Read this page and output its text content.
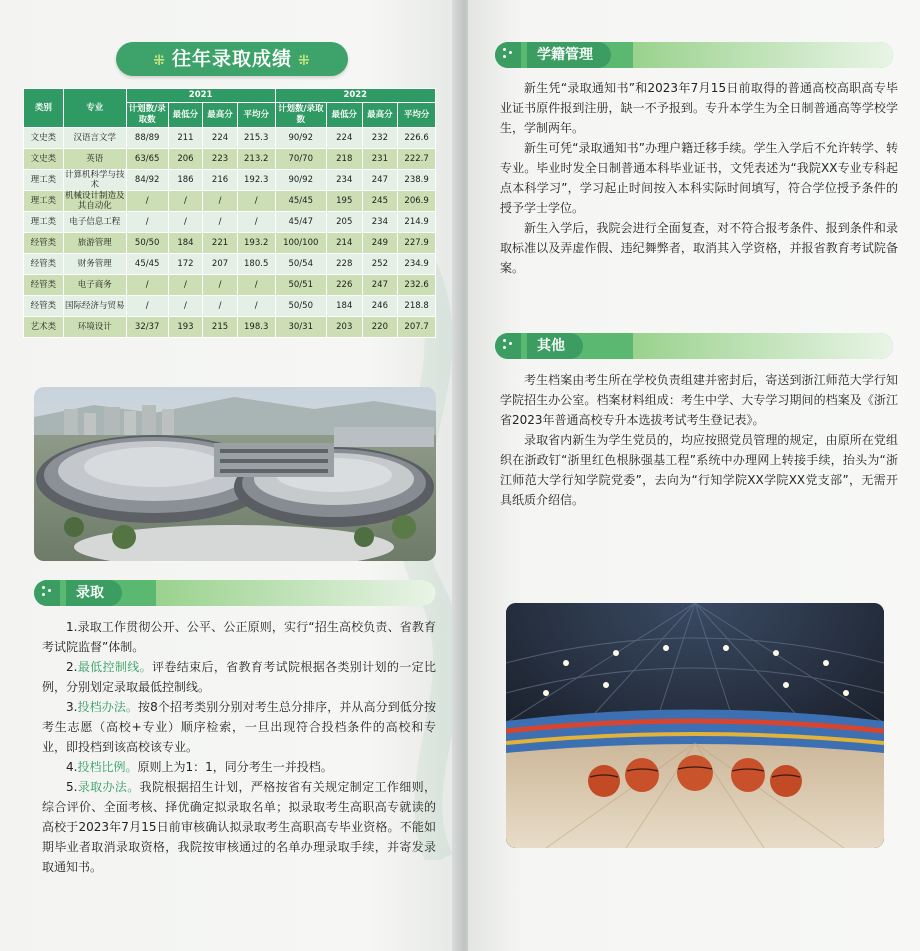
⁜ 往年录取成绩 ⁜
类别	专业	2021				2022			
		计划数/录取数	最低分	最高分	平均分	计划数/录取数	最低分	最高分	平均分
文史类	汉语言文学	88/89	211	224	215.3	90/92	224	232	226.6
文史类	英语	63/65	206	223	213.2	70/70	218	231	222.7
理工类	计算机科学与技术	84/92	186	216	192.3	90/92	234	247	238.9
理工类	机械设计制造及其自动化	/	/	/	/	45/45	195	245	206.9
理工类	电子信息工程	/	/	/	/	45/47	205	234	214.9
经管类	旅游管理	50/50	184	221	193.2	100/100	214	249	227.9
经管类	财务管理	45/45	172	207	180.5	50/54	228	252	234.9
经管类	电子商务	/	/	/	/	50/51	226	247	232.6
经管类	国际经济与贸易	/	/	/	/	50/50	184	246	218.8
艺术类	环境设计	32/37	193	215	198.3	30/31	203	220	207.7
录取

1.录取工作贯彻公开、公平、公正原则，实行“招生高校负责、省教育考试院监督”体制。

2.最低控制线。评卷结束后，省教育考试院根据各类别计划的一定比例，分别划定录取最低控制线。

3.投档办法。按8个招考类别分别对考生总分排序，并从高分到低分按考生志愿（高校+专业）顺序检索，一旦出现符合投档条件的高校和专业，即投档到该高校该专业。

4.投档比例。原则上为1：1，同分考生一并投档。

5.录取办法。我院根据招生计划，严格按省有关规定制定工作细则，综合评价、全面考核、择优确定拟录取名单；拟录取考生高职高专就读的高校于2023年7月15日前审核确认拟录取考生高职高专毕业资格。不能如期毕业者取消录取资格，我院按审核通过的名单办理录取手续，并寄发录取通知书。

学籍管理

新生凭“录取通知书”和2023年7月15日前取得的普通高校高职高专毕业证书原件报到注册，缺一不予报到。专升本学生为全日制普通高等学校学生，学制两年。

新生可凭“录取通知书”办理户籍迁移手续。学生入学后不允许转学、转专业。毕业时发全日制普通本科毕业证书，文凭表述为“我院XX专业专科起点本科学习”，学习起止时间按入本科实际时间填写，符合学位授予条件的授予学士学位。

新生入学后，我院会进行全面复查，对不符合报考条件、报到条件和录取标准以及弄虚作假、违纪舞弊者，取消其入学资格，并报省教育考试院备案。

其他

考生档案由考生所在学校负责组建并密封后，寄送到浙江师范大学行知学院招生办公室。档案材料组成：考生中学、大专学习期间的档案及《浙江省2023年普通高校专升本选拔考试考生登记表》。

录取省内新生为学生党员的，均应按照党员管理的规定，由原所在党组织在浙政钉“浙里红色根脉强基工程”系统中办理网上转接手续，抬头为“浙江师范大学行知学院党委”，去向为“行知学院XX学院XX党支部”，无需开具纸质介绍信。
